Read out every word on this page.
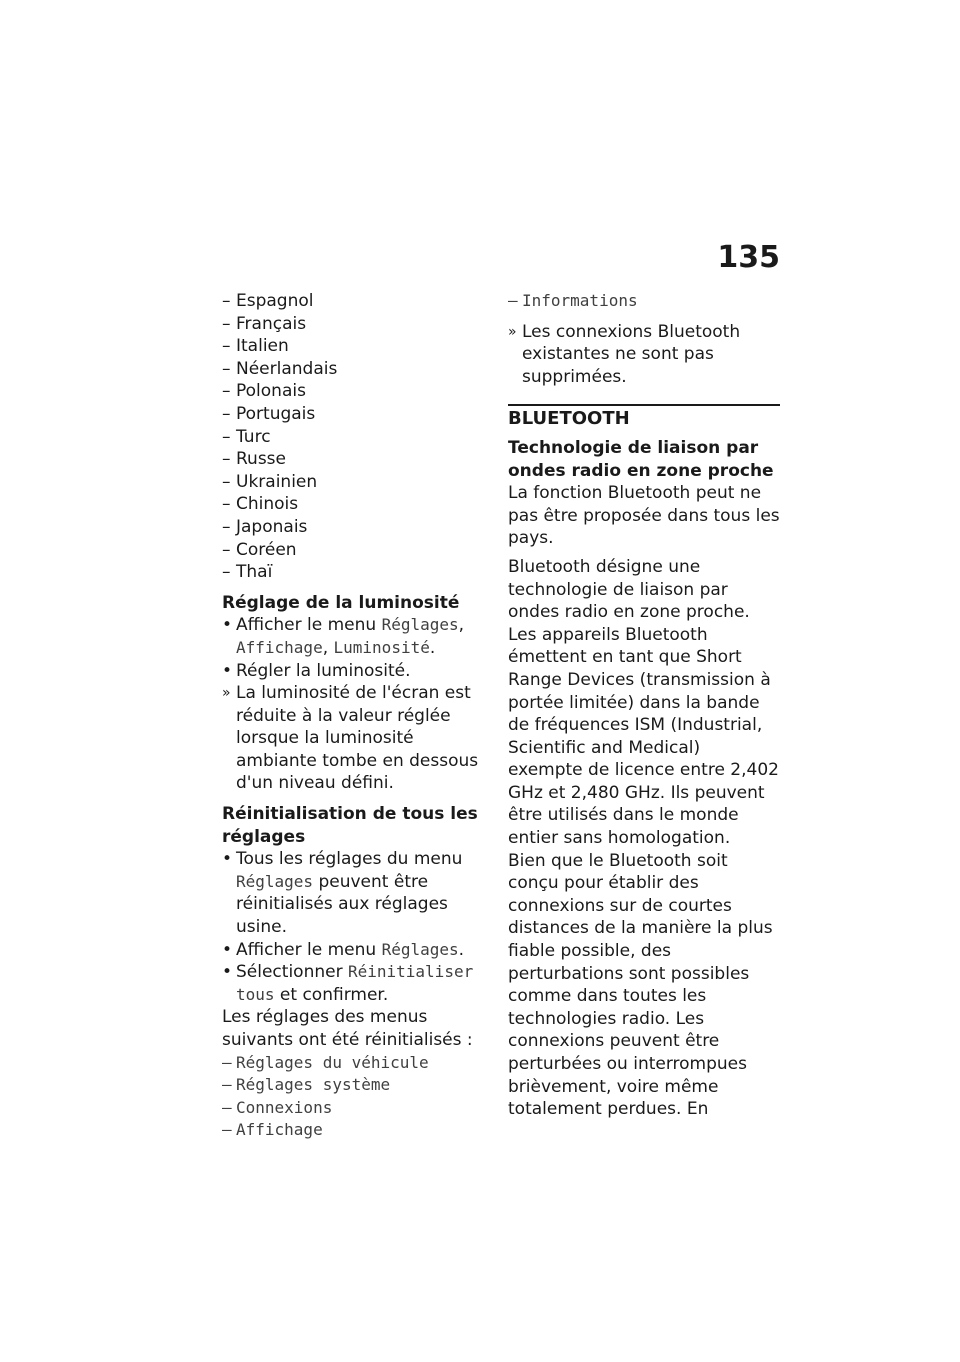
135
– Espagnol
– Français
– Italien
– Néerlandais
– Polonais
– Portugais
– Turc
– Russe
– Ukrainien
– Chinois
– Japonais
– Coréen
– Thaï
Réglage de la luminosité
• Afficher le menu Réglages, Affichage, Luminosité.
• Régler la luminosité.
» La luminosité de l'écran est réduite à la valeur réglée lorsque la luminosité ambiante tombe en dessous d'un niveau défini.
Réinitialisation de tous les réglages
• Tous les réglages du menu Réglages peuvent être réinitialisés aux réglages usine.
• Afficher le menu Réglages.
• Sélectionner Réinitialiser tous et confirmer.
Les réglages des menus suivants ont été réinitialisés :
– Réglages du véhicule
– Réglages système
– Connexions
– Affichage
– Informations
» Les connexions Bluetooth existantes ne sont pas supprimées.
BLUETOOTH
Technologie de liaison par ondes radio en zone proche
La fonction Bluetooth peut ne pas être proposée dans tous les pays.
Bluetooth désigne une technologie de liaison par ondes radio en zone proche. Les appareils Bluetooth émettent en tant que Short Range Devices (transmission à portée limitée) dans la bande de fréquences ISM (Industrial, Scientific and Medical) exempte de licence entre 2,402 GHz et 2,480 GHz. Ils peuvent être utilisés dans le monde entier sans homologation.
Bien que le Bluetooth soit conçu pour établir des connexions sur de courtes distances de la manière la plus fiable possible, des perturbations sont possibles comme dans toutes les technologies radio. Les connexions peuvent être perturbées ou interrompues brièvement, voire même totalement perdues. En
